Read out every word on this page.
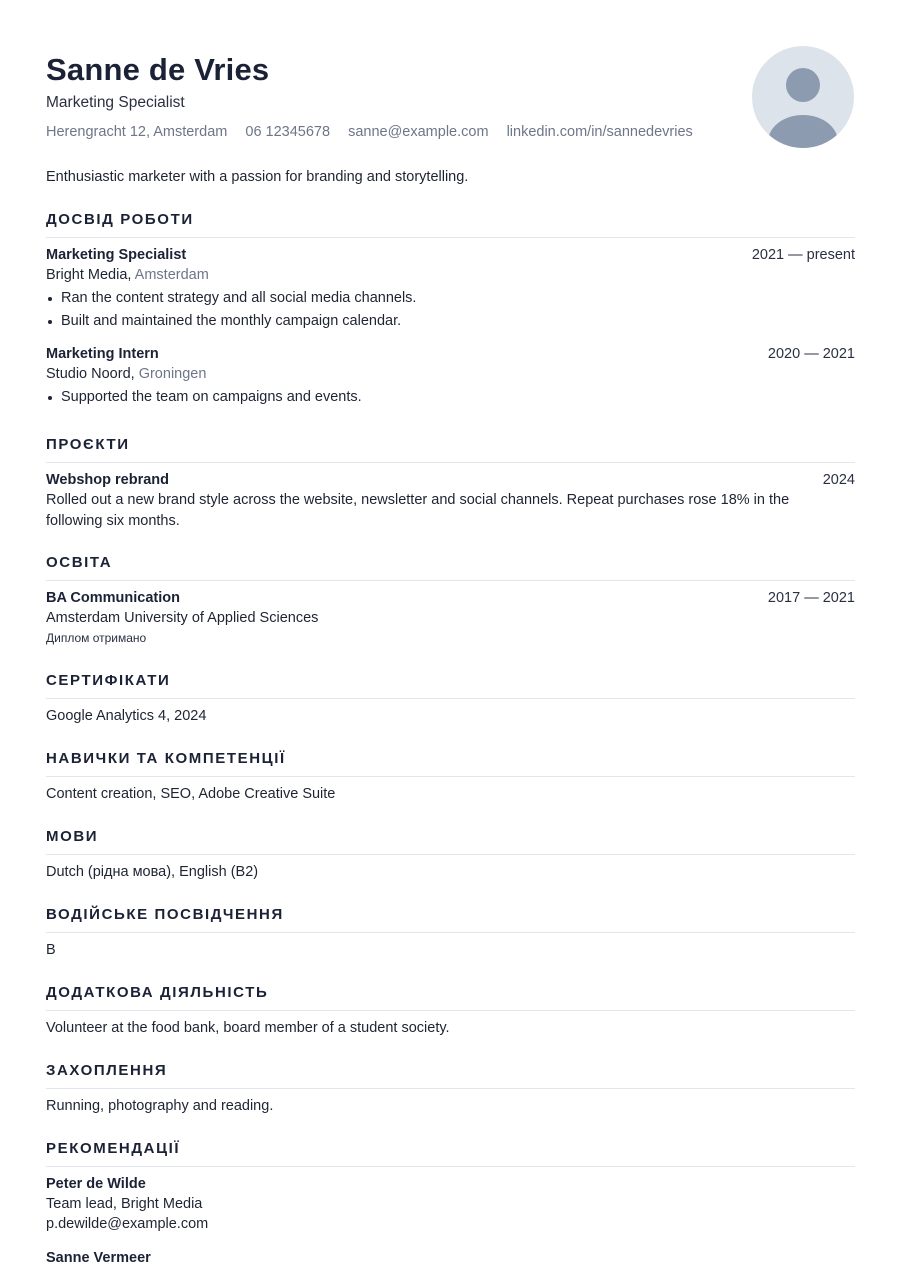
Sanne de Vries
Marketing Specialist
Herengracht 12, Amsterdam 06 12345678 sanne@example.com linkedin.com/in/sannedevries
Enthusiastic marketer with a passion for branding and storytelling.
ДОСВІД РОБОТИ
Marketing Specialist	2021 — present
Bright Media, Amsterdam
Ran the content strategy and all social media channels.
Built and maintained the monthly campaign calendar.
Marketing Intern	2020 — 2021
Studio Noord, Groningen
Supported the team on campaigns and events.
ПРОЄКТИ
Webshop rebrand	2024
Rolled out a new brand style across the website, newsletter and social channels. Repeat purchases rose 18% in the following six months.
ОСВІТА
BA Communication	2017 — 2021
Amsterdam University of Applied Sciences
Диплом отримано
СЕРТИФІКАТИ
Google Analytics 4, 2024
НАВИЧКИ ТА КОМПЕТЕНЦІЇ
Content creation, SEO, Adobe Creative Suite
МОВИ
Dutch (рідна мова), English (B2)
ВОДІЙСЬКЕ ПОСВІДЧЕННЯ
B
ДОДАТКОВА ДІЯЛЬНІСТЬ
Volunteer at the food bank, board member of a student society.
ЗАХОПЛЕННЯ
Running, photography and reading.
РЕКОМЕНДАЦІЇ
Peter de Wilde
Team lead, Bright Media
p.dewilde@example.com
Sanne Vermeer
